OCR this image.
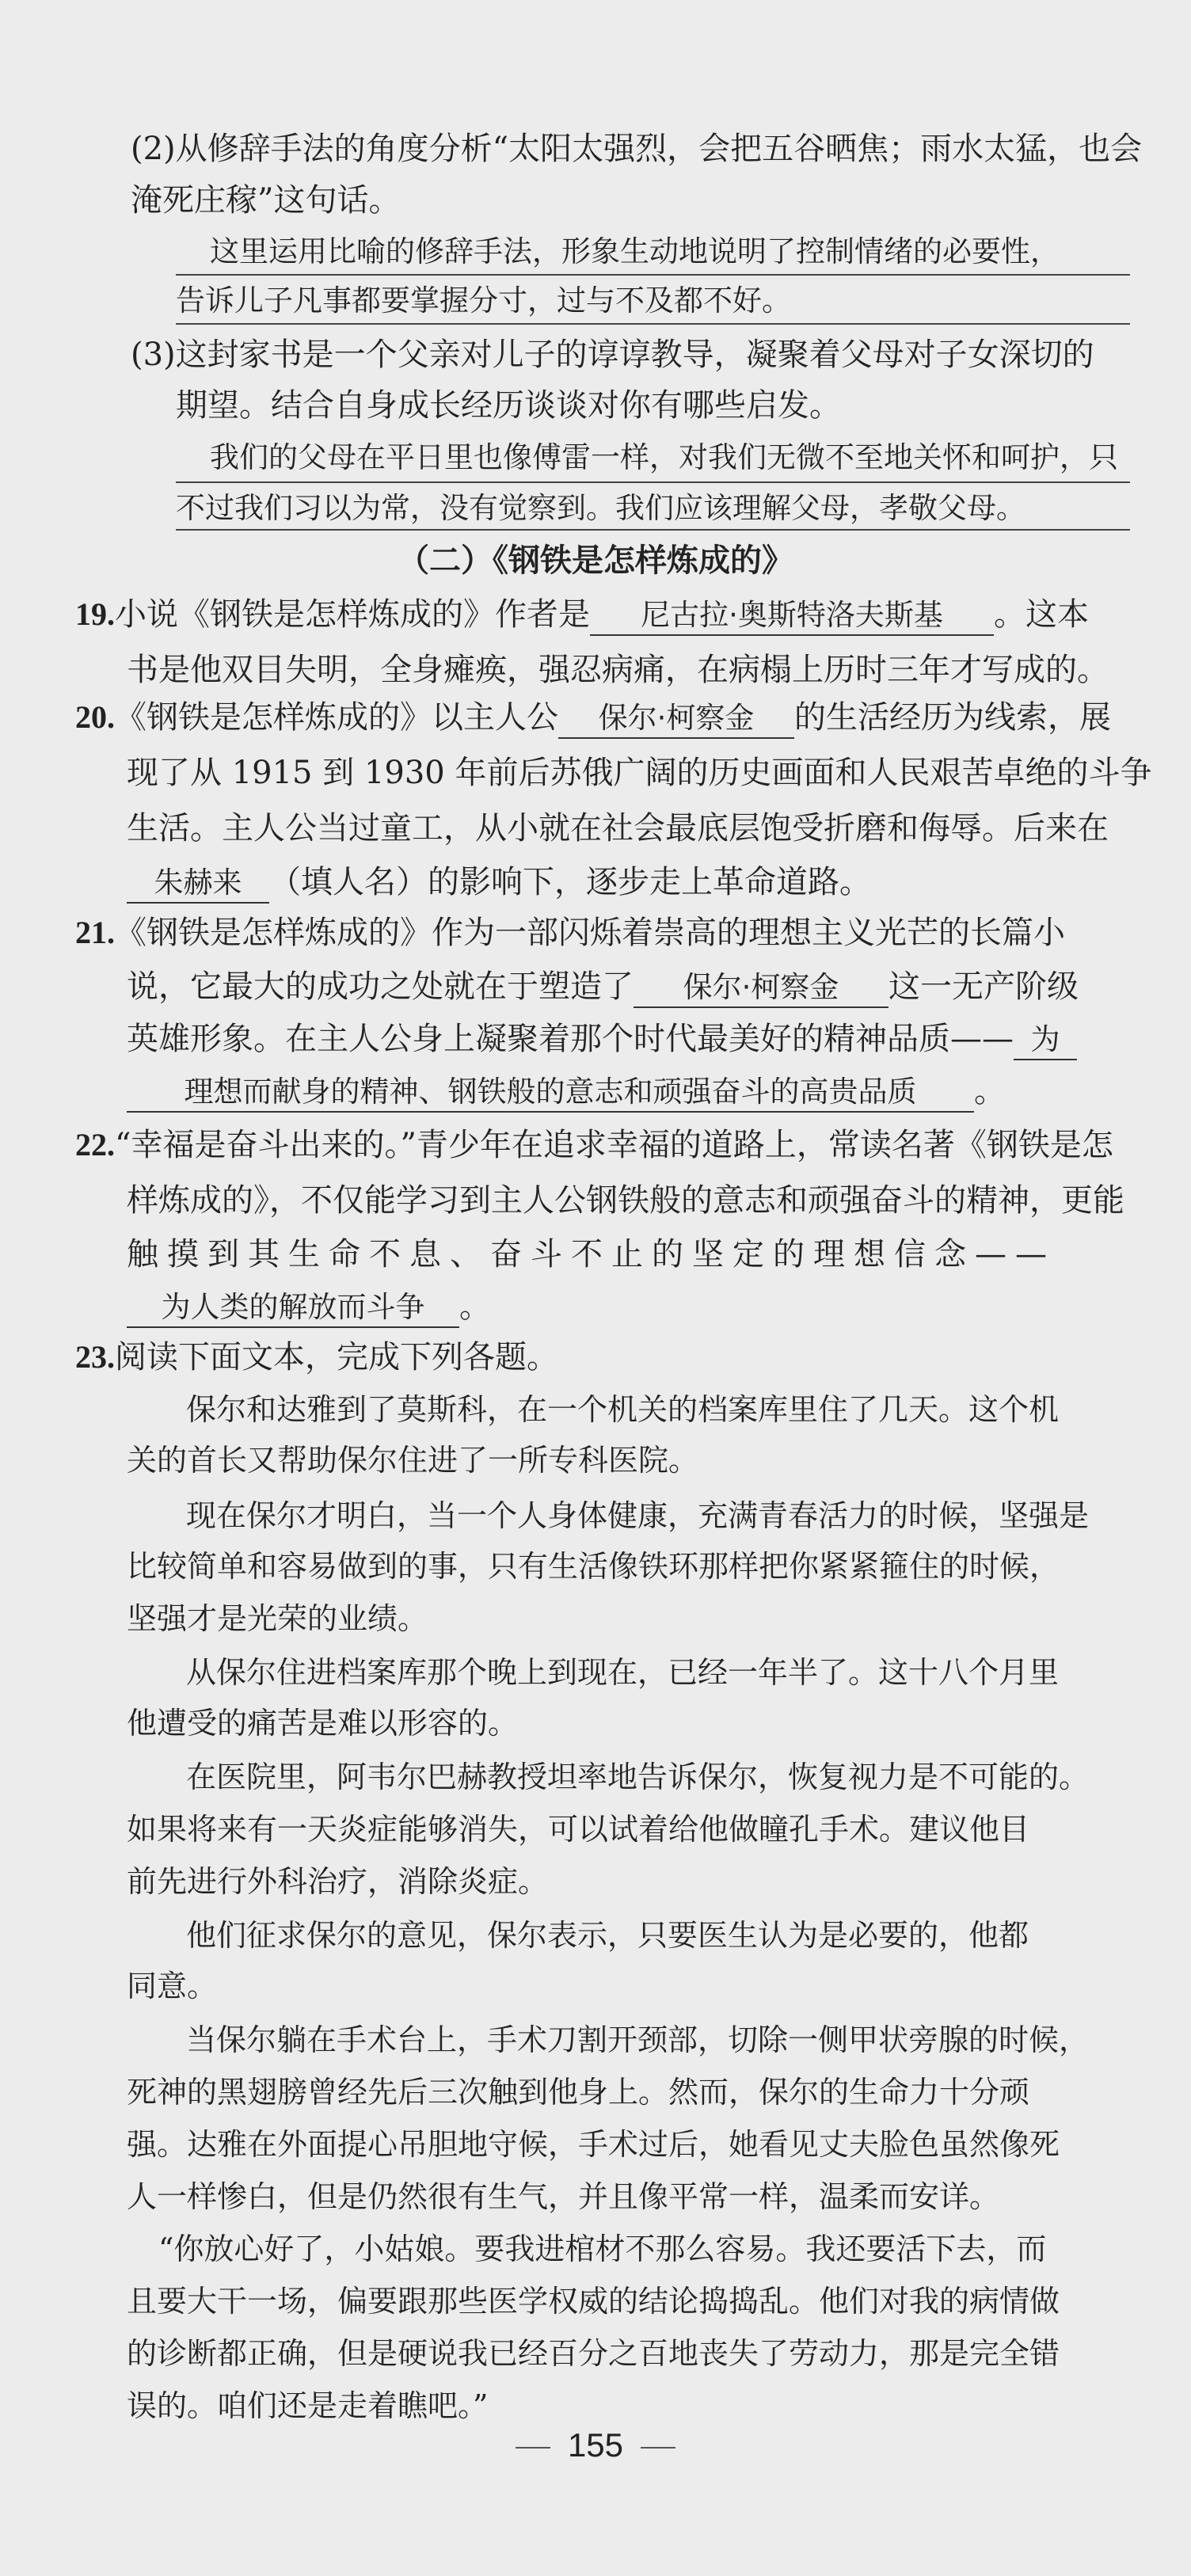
(2)从修辞手法的角度分析“太阳太强烈，会把五谷晒焦；雨水太猛，也会
淹死庄稼”这句话。
这里运用比喻的修辞手法，形象生动地说明了控制情绪的必要性，
告诉儿子凡事都要掌握分寸，过与不及都不好。
(3)这封家书是一个父亲对儿子的谆谆教导，凝聚着父母对子女深切的
期望。结合自身成长经历谈谈对你有哪些启发。
我们的父母在平日里也像傅雷一样，对我们无微不至地关怀和呵护，只
不过我们习以为常，没有觉察到。我们应该理解父母，孝敬父母。
（二）《钢铁是怎样炼成的》
19.小说《钢铁是怎样炼成的》作者是 尼古拉·奥斯特洛夫斯基 。这本
书是他双目失明，全身瘫痪，强忍病痛，在病榻上历时三年才写成的。
20.《钢铁是怎样炼成的》以主人公 保尔·柯察金 的生活经历为线索，展
现了从 1915 到 1930 年前后苏俄广阔的历史画面和人民艰苦卓绝的斗争
生活。主人公当过童工，从小就在社会最底层饱受折磨和侮辱。后来在
朱赫来 （填人名）的影响下，逐步走上革命道路。
21.《钢铁是怎样炼成的》作为一部闪烁着崇高的理想主义光芒的长篇小
说，它最大的成功之处就在于塑造了 保尔·柯察金 这一无产阶级
英雄形象。在主人公身上凝聚着那个时代最美好的精神品质—— 为
理想而献身的精神、钢铁般的意志和顽强奋斗的高贵品质 。
22.“幸福是奋斗出来的。”青少年在追求幸福的道路上，常读名著《钢铁是怎
样炼成的》，不仅能学习到主人公钢铁般的意志和顽强奋斗的精神，更能
触摸到其生命不息、奋斗不止的坚定的理想信念——
为人类的解放而斗争 。
23.阅读下面文本，完成下列各题。
保尔和达雅到了莫斯科，在一个机关的档案库里住了几天。这个机
关的首长又帮助保尔住进了一所专科医院。
现在保尔才明白，当一个人身体健康，充满青春活力的时候，坚强是
比较简单和容易做到的事，只有生活像铁环那样把你紧紧箍住的时候，
坚强才是光荣的业绩。
从保尔住进档案库那个晚上到现在，已经一年半了。这十八个月里
他遭受的痛苦是难以形容的。
在医院里，阿韦尔巴赫教授坦率地告诉保尔，恢复视力是不可能的。
如果将来有一天炎症能够消失，可以试着给他做瞳孔手术。建议他目
前先进行外科治疗，消除炎症。
他们征求保尔的意见，保尔表示，只要医生认为是必要的，他都
同意。
当保尔躺在手术台上，手术刀割开颈部，切除一侧甲状旁腺的时候，
死神的黑翅膀曾经先后三次触到他身上。然而，保尔的生命力十分顽
强。达雅在外面提心吊胆地守候，手术过后，她看见丈夫脸色虽然像死
人一样惨白，但是仍然很有生气，并且像平常一样，温柔而安详。
“你放心好了，小姑娘。要我进棺材不那么容易。我还要活下去，而
且要大干一场，偏要跟那些医学权威的结论捣捣乱。他们对我的病情做
的诊断都正确，但是硬说我已经百分之百地丧失了劳动力，那是完全错
误的。咱们还是走着瞧吧。”
155
